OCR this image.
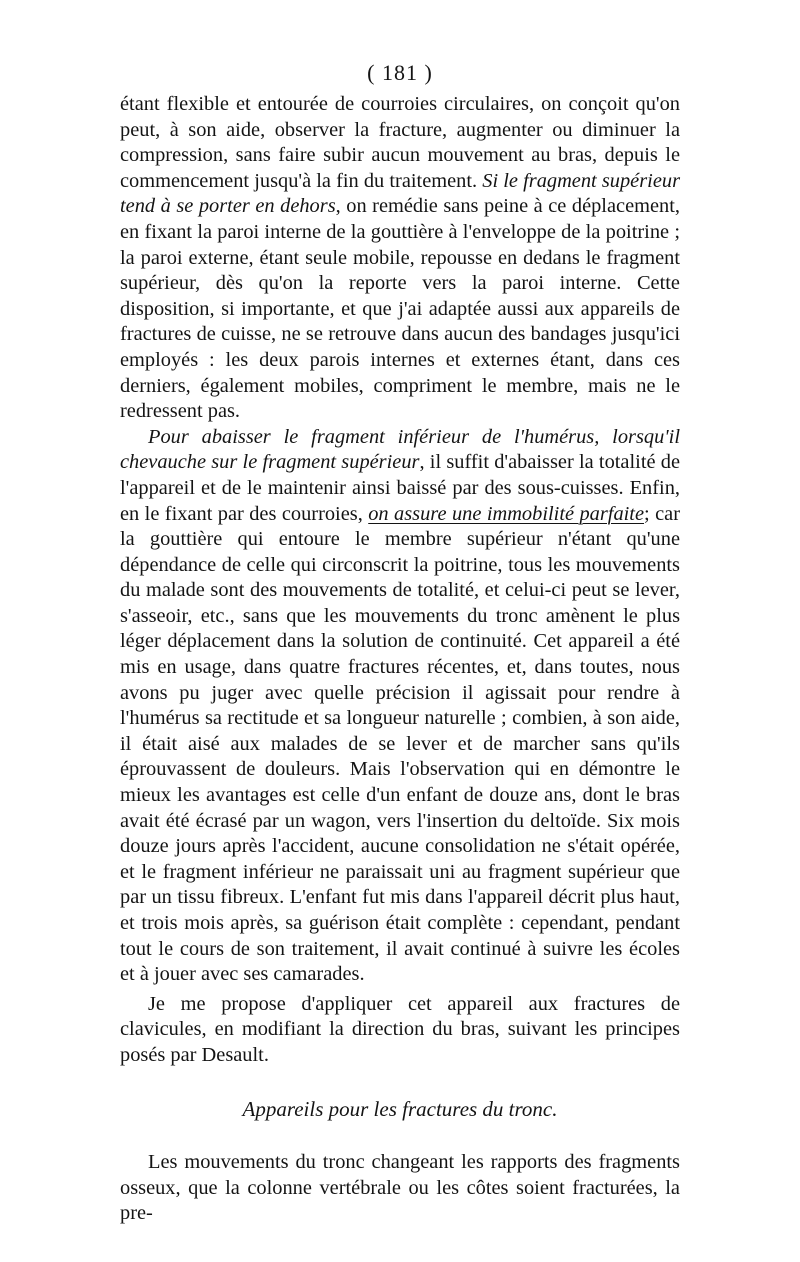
( 181 )

étant flexible et entourée de courroies circulaires, on conçoit qu'on peut, à son aide, observer la fracture, augmenter ou diminuer la compression, sans faire subir aucun mouvement au bras, depuis le commencement jusqu'à la fin du traitement. Si le fragment supérieur tend à se porter en dehors, on remédie sans peine à ce déplacement, en fixant la paroi interne de la gouttière à l'enveloppe de la poitrine ; la paroi externe, étant seule mobile, repousse en dedans le fragment supérieur, dès qu'on la reporte vers la paroi interne. Cette disposition, si importante, et que j'ai adaptée aussi aux appareils de fractures de cuisse, ne se retrouve dans aucun des bandages jusqu'ici employés : les deux parois internes et externes étant, dans ces derniers, également mobiles, compriment le membre, mais ne le redressent pas.

Pour abaisser le fragment inférieur de l'humérus, lorsqu'il chevauche sur le fragment supérieur, il suffit d'abaisser la totalité de l'appareil et de le maintenir ainsi baissé par des sous-cuisses. Enfin, en le fixant par des courroies, on assure une immobilité parfaite; car la gouttière qui entoure le membre supérieur n'étant qu'une dépendance de celle qui circonscrit la poitrine, tous les mouvements du malade sont des mouvements de totalité, et celui-ci peut se lever, s'asseoir, etc., sans que les mouvements du tronc amènent le plus léger déplacement dans la solution de continuité. Cet appareil a été mis en usage, dans quatre fractures récentes, et, dans toutes, nous avons pu juger avec quelle précision il agissait pour rendre à l'humérus sa rectitude et sa longueur naturelle ; combien, à son aide, il était aisé aux malades de se lever et de marcher sans qu'ils éprouvassent de douleurs. Mais l'observation qui en démontre le mieux les avantages est celle d'un enfant de douze ans, dont le bras avait été écrasé par un wagon, vers l'insertion du deltoïde. Six mois douze jours après l'accident, aucune consolidation ne s'était opérée, et le fragment inférieur ne paraissait uni au fragment supérieur que par un tissu fibreux. L'enfant fut mis dans l'appareil décrit plus haut, et trois mois après, sa guérison était complète : cependant, pendant tout le cours de son traitement, il avait continué à suivre les écoles et à jouer avec ses camarades.

Je me propose d'appliquer cet appareil aux fractures de clavicules, en modifiant la direction du bras, suivant les principes posés par Desault.

Appareils pour les fractures du tronc.

Les mouvements du tronc changeant les rapports des fragments osseux, que la colonne vertébrale ou les côtes soient fracturées, la pre-
